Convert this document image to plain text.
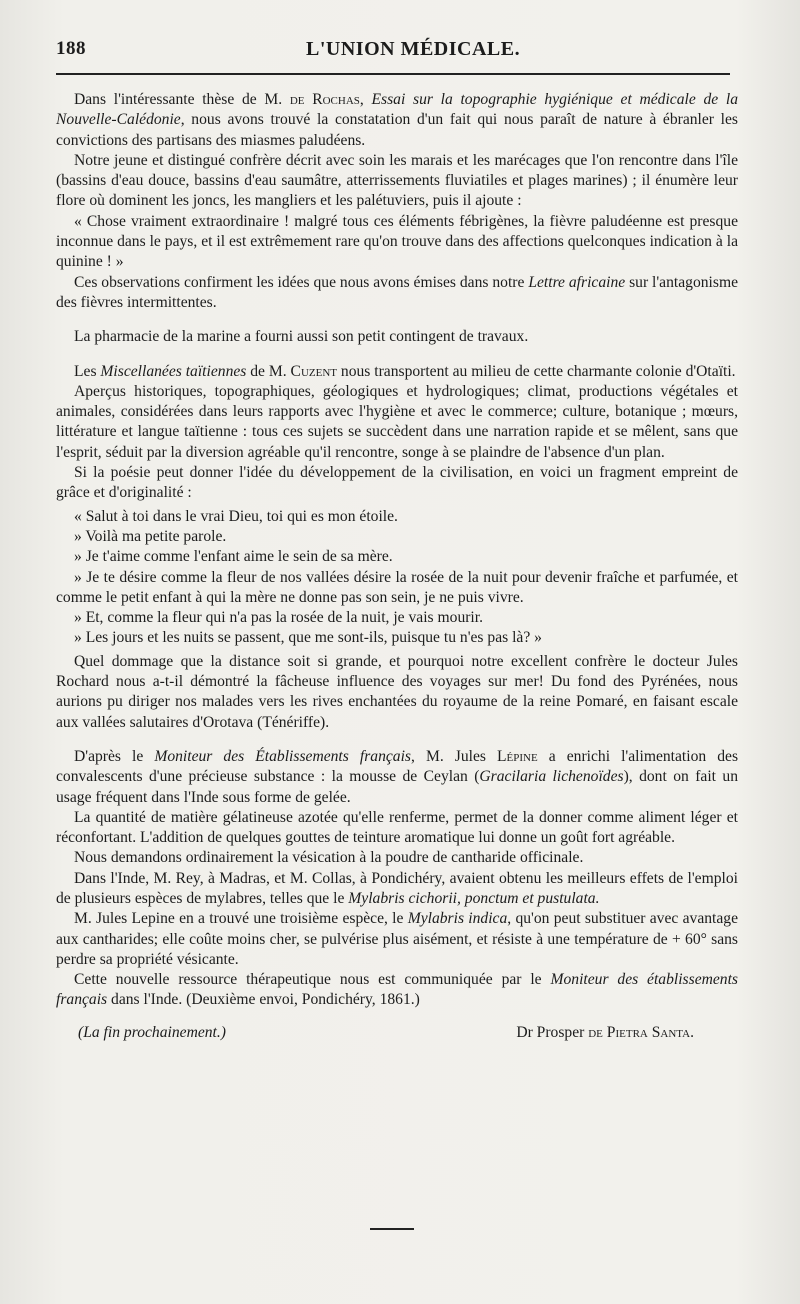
188	L'UNION MÉDICALE.

Dans l'intéressante thèse de M. de Rochas, Essai sur la topographie hygiénique et médicale de la Nouvelle-Calédonie, nous avons trouvé la constatation d'un fait qui nous paraît de nature à ébranler les convictions des partisans des miasmes paludéens.

Notre jeune et distingué confrère décrit avec soin les marais et les marécages que l'on rencontre dans l'île (bassins d'eau douce, bassins d'eau saumâtre, atterrissements fluviatiles et plages marines) ; il énumère leur flore où dominent les joncs, les mangliers et les palétuviers, puis il ajoute :

« Chose vraiment extraordinaire ! malgré tous ces éléments fébrigènes, la fièvre paludéenne est presque inconnue dans le pays, et il est extrêmement rare qu'on trouve dans des affections quelconques indication à la quinine ! »

Ces observations confirment les idées que nous avons émises dans notre Lettre africaine sur l'antagonisme des fièvres intermittentes.

La pharmacie de la marine a fourni aussi son petit contingent de travaux.

Les Miscellanées taïtiennes de M. Cuzent nous transportent au milieu de cette charmante colonie d'Otaïti.

Aperçus historiques, topographiques, géologiques et hydrologiques; climat, productions végétales et animales, considérées dans leurs rapports avec l'hygiène et avec le commerce; culture, botanique ; mœurs, littérature et langue taïtienne : tous ces sujets se succèdent dans une narration rapide et se mêlent, sans que l'esprit, séduit par la diversion agréable qu'il rencontre, songe à se plaindre de l'absence d'un plan.

Si la poésie peut donner l'idée du développement de la civilisation, en voici un fragment empreint de grâce et d'originalité :

« Salut à toi dans le vrai Dieu, toi qui es mon étoile.

» Voilà ma petite parole.

» Je t'aime comme l'enfant aime le sein de sa mère.

» Je te désire comme la fleur de nos vallées désire la rosée de la nuit pour devenir fraîche et parfumée, et comme le petit enfant à qui la mère ne donne pas son sein, je ne puis vivre.

» Et, comme la fleur qui n'a pas la rosée de la nuit, je vais mourir.

» Les jours et les nuits se passent, que me sont-ils, puisque tu n'es pas là? »

Quel dommage que la distance soit si grande, et pourquoi notre excellent confrère le docteur Jules Rochard nous a-t-il démontré la fâcheuse influence des voyages sur mer! Du fond des Pyrénées, nous aurions pu diriger nos malades vers les rives enchantées du royaume de la reine Pomaré, en faisant escale aux vallées salutaires d'Orotava (Ténériffe).

D'après le Moniteur des Établissements français, M. Jules Lépine a enrichi l'alimentation des convalescents d'une précieuse substance : la mousse de Ceylan (Gracilaria lichenoïdes), dont on fait un usage fréquent dans l'Inde sous forme de gelée.

La quantité de matière gélatineuse azotée qu'elle renferme, permet de la donner comme aliment léger et réconfortant. L'addition de quelques gouttes de teinture aromatique lui donne un goût fort agréable.

Nous demandons ordinairement la vésication à la poudre de cantharide officinale.

Dans l'Inde, M. Rey, à Madras, et M. Collas, à Pondichéry, avaient obtenu les meilleurs effets de l'emploi de plusieurs espèces de mylabres, telles que le Mylabris cichorii, ponctum et pustulata.

M. Jules Lepine en a trouvé une troisième espèce, le Mylabris indica, qu'on peut substituer avec avantage aux cantharides; elle coûte moins cher, se pulvérise plus aisément, et résiste à une température de + 60° sans perdre sa propriété vésicante.

Cette nouvelle ressource thérapeutique nous est communiquée par le Moniteur des établissements français dans l'Inde. (Deuxième envoi, Pondichéry, 1861.)

(La fin prochainement.)	Dr Prosper de Pietra Santa.
